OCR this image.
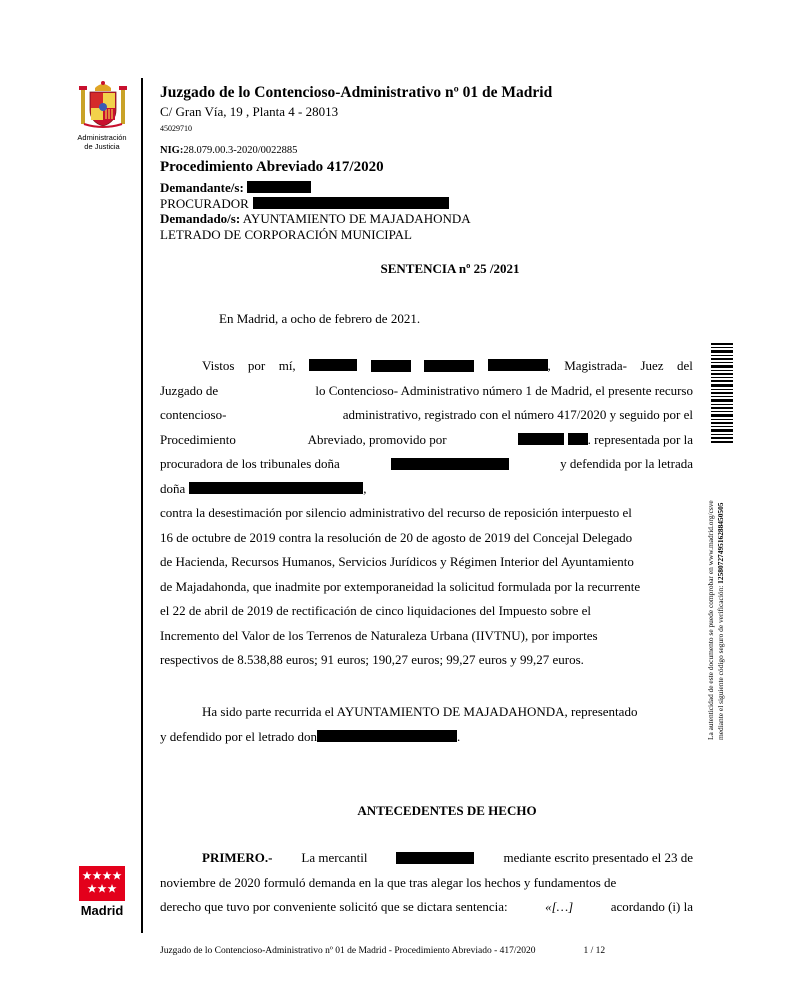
Administración
de Justicia
Madrid
Juzgado de lo Contencioso-Administrativo nº 01 de Madrid
C/ Gran Vía, 19 , Planta 4 - 28013
45029710
NIG:28.079.00.3-2020/0022885
Procedimiento Abreviado 417/2020
Demandante/s:
PROCURADOR
Demandado/s: AYUNTAMIENTO DE MAJADAHONDA
LETRADO DE CORPORACIÓN MUNICIPAL
SENTENCIA nº 25 /2021
En Madrid, a ocho de febrero de 2021.
Vistos por mí,	, Magistrada- Juez del
Juzgado de	lo Contencioso- Administrativo número 1 de Madrid, el presente recurso
contencioso-	administrativo, registrado con el número 417/2020 y seguido por el
Procedimiento	Abreviado, promovido por	. representada por la
procuradora de los tribunales doña	y defendida por la letrada
doña	,
contra la desestimación por silencio administrativo del recurso de reposición interpuesto el
16 de octubre de 2019 contra la resolución de 20 de agosto de 2019 del Concejal Delegado
de Hacienda, Recursos Humanos, Servicios Jurídicos y Régimen Interior del Ayuntamiento
de Majadahonda, que inadmite por extemporaneidad la solicitud formulada por la recurrente
el 22 de abril de 2019 de rectificación de cinco liquidaciones del Impuesto sobre el
Incremento del Valor de los Terrenos de Naturaleza Urbana (IIVTNU), por importes
respectivos de 8.538,88 euros; 91 euros; 190,27 euros; 99,27 euros y 99,27 euros.
Ha sido parte recurrida el AYUNTAMIENTO DE MAJADAHONDA, representado
y defendido por el letrado don	.
ANTECEDENTES DE HECHO
PRIMERO.- La mercantil	mediante escrito presentado el 23 de
noviembre de 2020 formuló demanda en la que tras alegar los hechos y fundamentos de
derecho que tuvo por conveniente solicitó que se dictara sentencia:	«[…]	acordando (i) la
La autenticidad de este documento se puede comprobar en www.madrid.org/csve mediante el siguiente código seguro de verificación: 1258072749516288450505
Juzgado de lo Contencioso-Administrativo nº 01 de Madrid - Procedimiento Abreviado - 417/2020	1 / 12
